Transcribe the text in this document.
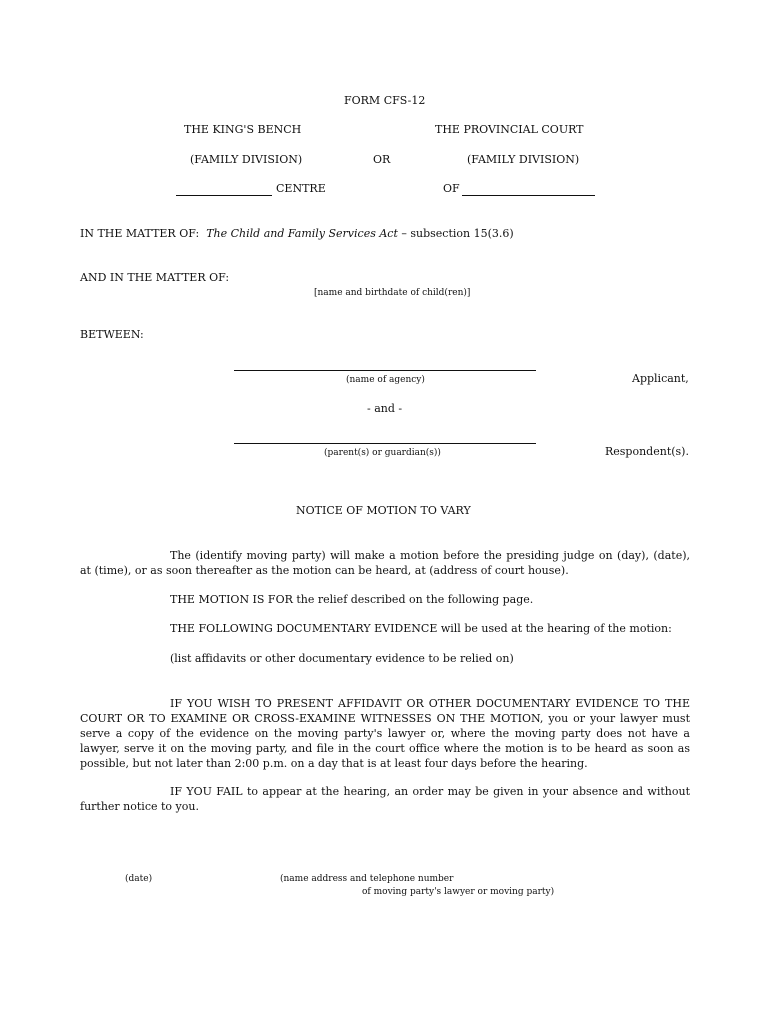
FORM CFS-12
THE KING'S BENCH	THE PROVINCIAL COURT
(FAMILY DIVISION)	OR	(FAMILY DIVISION)
CENTRE	OF
IN THE MATTER OF: The Child and Family Services Act – subsection 15(3.6)
AND IN THE MATTER OF:
[name and birthdate of child(ren)]
BETWEEN:
(name of agency)	Applicant,
- and -
(parent(s) or guardian(s))	Respondent(s).
NOTICE OF MOTION TO VARY
The (identify moving party) will make a motion before the presiding judge on (day), (date), at (time), or as soon thereafter as the motion can be heard, at (address of court house).
THE MOTION IS FOR the relief described on the following page.
THE FOLLOWING DOCUMENTARY EVIDENCE will be used at the hearing of the motion:
(list affidavits or other documentary evidence to be relied on)
IF YOU WISH TO PRESENT AFFIDAVIT OR OTHER DOCUMENTARY EVIDENCE TO THE COURT OR TO EXAMINE OR CROSS-EXAMINE WITNESSES ON THE MOTION, you or your lawyer must serve a copy of the evidence on the moving party's lawyer or, where the moving party does not have a lawyer, serve it on the moving party, and file in the court office where the motion is to be heard as soon as possible, but not later than 2:00 p.m. on a day that is at least four days before the hearing.
IF YOU FAIL to appear at the hearing, an order may be given in your absence and without further notice to you.
(date)	(name address and telephone number
of moving party's lawyer or moving party)
